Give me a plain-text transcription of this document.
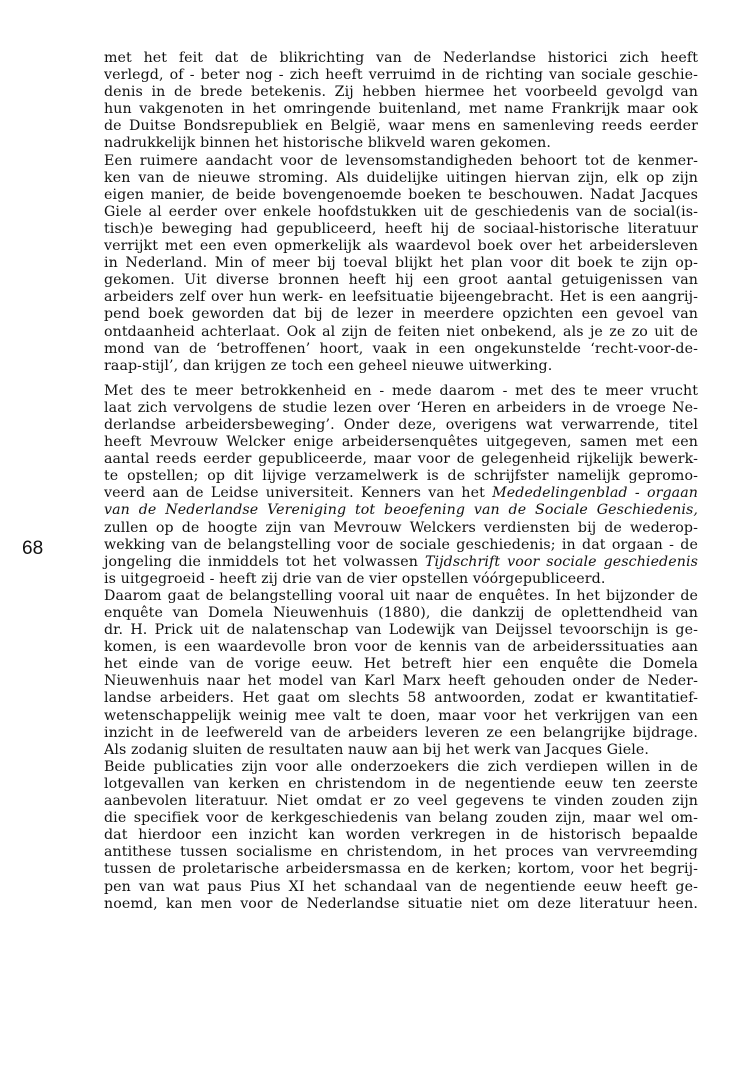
68
met het feit dat de blikrichting van de Nederlandse historici zich heeft
verlegd, of - beter nog - zich heeft verruimd in de richting van sociale geschie-
denis in de brede betekenis. Zij hebben hiermee het voorbeeld gevolgd van
hun vakgenoten in het omringende buitenland, met name Frankrijk maar ook
de Duitse Bondsrepubliek en België, waar mens en samenleving reeds eerder
nadrukkelijk binnen het historische blikveld waren gekomen.
Een ruimere aandacht voor de levensomstandigheden behoort tot de kenmer-
ken van de nieuwe stroming. Als duidelijke uitingen hiervan zijn, elk op zijn
eigen manier, de beide bovengenoemde boeken te beschouwen. Nadat Jacques
Giele al eerder over enkele hoofdstukken uit de geschiedenis van de social(is-
tisch)e beweging had gepubliceerd, heeft hij de sociaal-historische literatuur
verrijkt met een even opmerkelijk als waardevol boek over het arbeidersleven
in Nederland. Min of meer bij toeval blijkt het plan voor dit boek te zijn op-
gekomen. Uit diverse bronnen heeft hij een groot aantal getuigenissen van
arbeiders zelf over hun werk- en leefsituatie bijeengebracht. Het is een aangrij-
pend boek geworden dat bij de lezer in meerdere opzichten een gevoel van
ontdaanheid achterlaat. Ook al zijn de feiten niet onbekend, als je ze zo uit de
mond van de ‘betroffenen’ hoort, vaak in een ongekunstelde ‘recht-voor-de-
raap-stijl’, dan krijgen ze toch een geheel nieuwe uitwerking.
Met des te meer betrokkenheid en - mede daarom - met des te meer vrucht
laat zich vervolgens de studie lezen over ‘Heren en arbeiders in de vroege Ne-
derlandse arbeidersbeweging’. Onder deze, overigens wat verwarrende, titel
heeft Mevrouw Welcker enige arbeidersenquêtes uitgegeven, samen met een
aantal reeds eerder gepubliceerde, maar voor de gelegenheid rijkelijk bewerk-
te opstellen; op dit lijvige verzamelwerk is de schrijfster namelijk gepromo-
veerd aan de Leidse universiteit. Kenners van het Mededelingenblad - orgaan
van de Nederlandse Vereniging tot beoefening van de Sociale Geschiedenis,
zullen op de hoogte zijn van Mevrouw Welckers verdiensten bij de wederop-
wekking van de belangstelling voor de sociale geschiedenis; in dat orgaan - de
jongeling die inmiddels tot het volwassen Tijdschrift voor sociale geschiedenis
is uitgegroeid - heeft zij drie van de vier opstellen vóórgepubliceerd.
Daarom gaat de belangstelling vooral uit naar de enquêtes. In het bijzonder de
enquête van Domela Nieuwenhuis (1880), die dankzij de oplettendheid van
dr. H. Prick uit de nalatenschap van Lodewijk van Deijssel tevoorschijn is ge-
komen, is een waardevolle bron voor de kennis van de arbeiderssituaties aan
het einde van de vorige eeuw. Het betreft hier een enquête die Domela
Nieuwenhuis naar het model van Karl Marx heeft gehouden onder de Neder-
landse arbeiders. Het gaat om slechts 58 antwoorden, zodat er kwantitatief-
wetenschappelijk weinig mee valt te doen, maar voor het verkrijgen van een
inzicht in de leefwereld van de arbeiders leveren ze een belangrijke bijdrage.
Als zodanig sluiten de resultaten nauw aan bij het werk van Jacques Giele.
Beide publicaties zijn voor alle onderzoekers die zich verdiepen willen in de
lotgevallen van kerken en christendom in de negentiende eeuw ten zeerste
aanbevolen literatuur. Niet omdat er zo veel gegevens te vinden zouden zijn
die specifiek voor de kerkgeschiedenis van belang zouden zijn, maar wel om-
dat hierdoor een inzicht kan worden verkregen in de historisch bepaalde
antithese tussen socialisme en christendom, in het proces van vervreemding
tussen de proletarische arbeidersmassa en de kerken; kortom, voor het begrij-
pen van wat paus Pius XI het schandaal van de negentiende eeuw heeft ge-
noemd, kan men voor de Nederlandse situatie niet om deze literatuur heen.
